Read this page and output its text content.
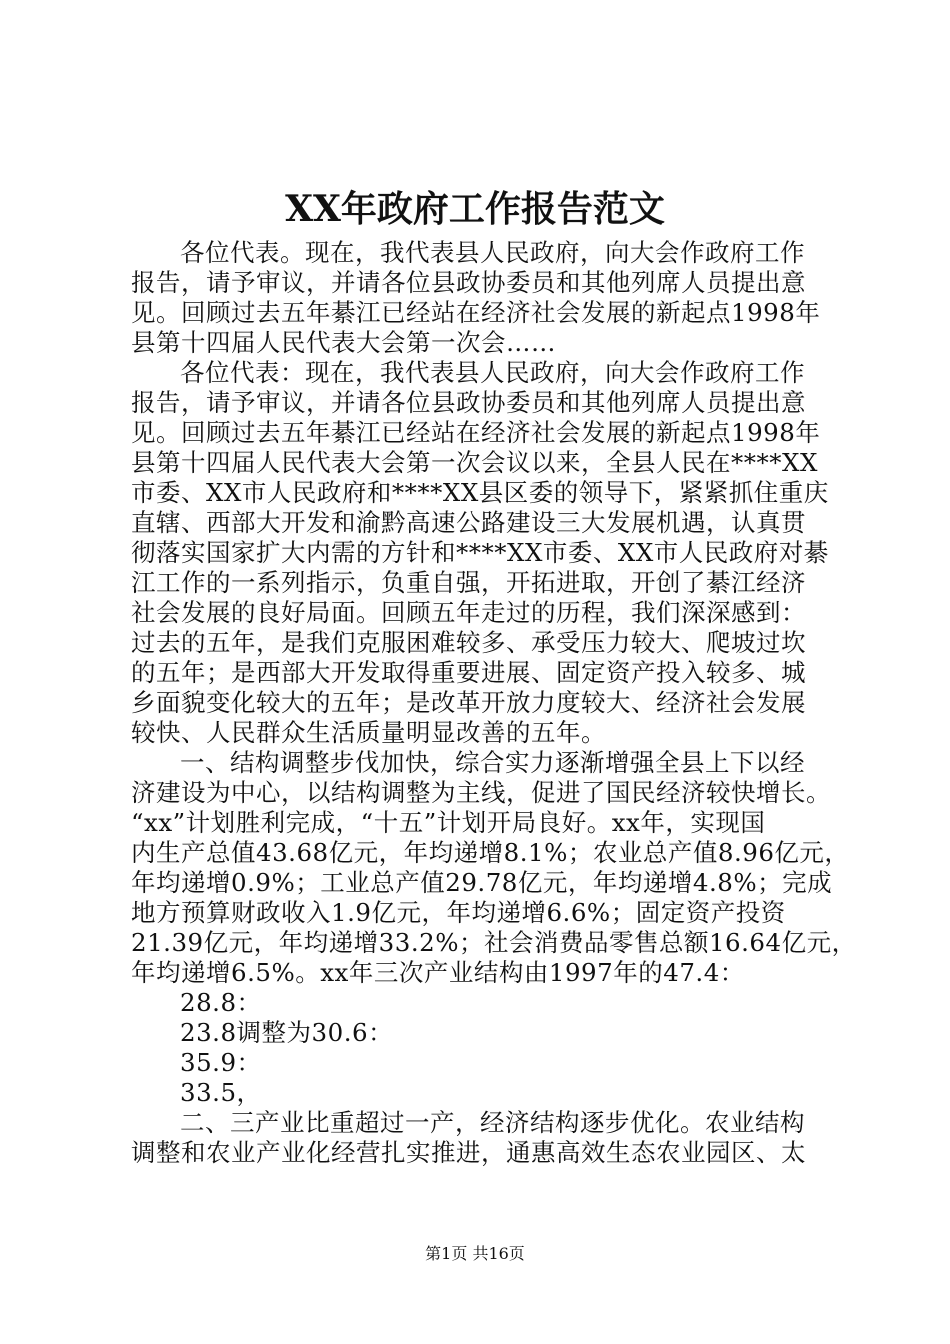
XX年政府工作报告范文
各位代表。现在，我代表县人民政府，向大会作政府工作
报告，请予审议，并请各位县政协委员和其他列席人员提出意
见。回顾过去五年綦江已经站在经济社会发展的新起点1998年
县第十四届人民代表大会第一次会……
各位代表：现在，我代表县人民政府，向大会作政府工作
报告，请予审议，并请各位县政协委员和其他列席人员提出意
见。回顾过去五年綦江已经站在经济社会发展的新起点1998年
县第十四届人民代表大会第一次会议以来，全县人民在****XX
市委、XX市人民政府和****XX县区委的领导下，紧紧抓住重庆
直辖、西部大开发和渝黔高速公路建设三大发展机遇，认真贯
彻落实国家扩大内需的方针和****XX市委、XX市人民政府对綦
江工作的一系列指示，负重自强，开拓进取，开创了綦江经济
社会发展的良好局面。回顾五年走过的历程，我们深深感到：
过去的五年，是我们克服困难较多、承受压力较大、爬坡过坎
的五年；是西部大开发取得重要进展、固定资产投入较多、城
乡面貌变化较大的五年；是改革开放力度较大、经济社会发展
较快、人民群众生活质量明显改善的五年。
一、结构调整步伐加快，综合实力逐渐增强全县上下以经
济建设为中心，以结构调整为主线，促进了国民经济较快增长。
“xx”计划胜利完成，“十五”计划开局良好。xx年，实现国
内生产总值43.68亿元，年均递增8.1%；农业总产值8.96亿元，
年均递增0.9%；工业总产值29.78亿元，年均递增4.8%；完成
地方预算财政收入1.9亿元，年均递增6.6%；固定资产投资
21.39亿元，年均递增33.2%；社会消费品零售总额16.64亿元，
年均递增6.5%。xx年三次产业结构由1997年的47.4：
28.8：
23.8调整为30.6：
35.9：
33.5，
二、三产业比重超过一产，经济结构逐步优化。农业结构
调整和农业产业化经营扎实推进，通惠高效生态农业园区、太
第1页 共16页
